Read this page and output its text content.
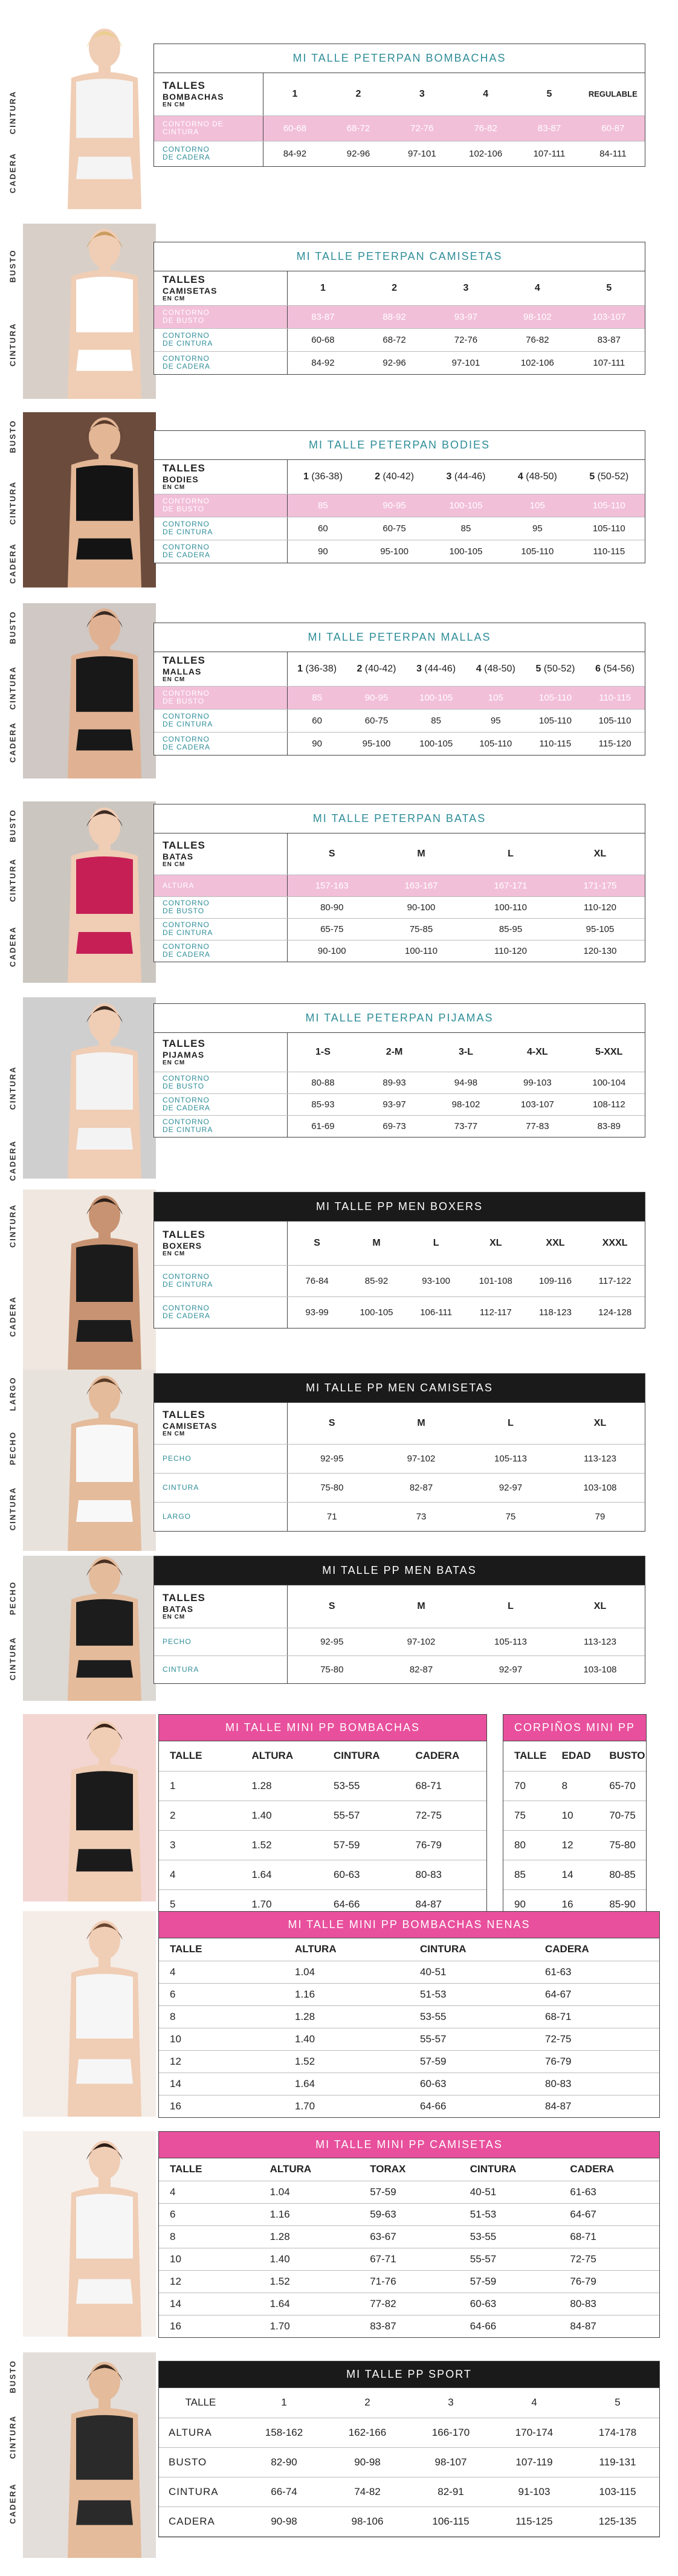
CADERA
CINTURA
MI TALLE PETERPAN BOMBACHAS
TALLES
BOMBACHAS
EN CM	1	2	3	4	5	REGULABLE

CONTORNO DE
CINTURA	60-68	68-72	72-76	76-82	83-87	60-87

CONTORNO
DE CADERA	84-92	92-96	97-101	102-106	107-111	84-111
CINTURA
BUSTO	MI TALLE PETERPAN CAMISETAS
TALLES
CAMISETAS
EN CM	1	2	3	4	5

CONTORNO
DE BUSTO	83-87	88-92	93-97	98-102	103-107

CONTORNO
DE CINTURA	60-68	68-72	72-76	76-82	83-87

CONTORNO
DE CADERA	84-92	92-96	97-101	102-106	107-111
CADERA
CINTURA
BUSTO	MI TALLE PETERPAN BODIES
TALLES
BODIES
EN CM	1 (36-38)	2 (40-42)	3 (44-46)	4 (48-50)	5 (50-52)

CONTORNO
DE BUSTO	85	90-95	100-105	105	105-110

CONTORNO
DE CINTURA	60	60-75	85	95	105-110

CONTORNO
DE CADERA	90	95-100	100-105	105-110	110-115
CADERA
CINTURA
BUSTO	MI TALLE PETERPAN MALLAS
TALLES
MALLAS
EN CM	1 (36-38)	2 (40-42)	3 (44-46)	4 (48-50)	5 (50-52)	6 (54-56)

CONTORNO
DE BUSTO	85	90-95	100-105	105	105-110	110-115

CONTORNO
DE CINTURA	60	60-75	85	95	105-110	105-110

CONTORNO
DE CADERA	90	95-100	100-105	105-110	110-115	115-120
CADERA
CINTURA
BUSTO	MI TALLE PETERPAN BATAS
TALLES
BATAS
EN CM	S	M	L	XL

ALTURA	157-163	163-167	167-171	171-175

CONTORNO
DE BUSTO	80-90	90-100	100-110	110-120

CONTORNO
DE CINTURA	65-75	75-85	85-95	95-105

CONTORNO
DE CADERA	90-100	100-110	110-120	120-130
CADERA
CINTURA
MI TALLE PETERPAN PIJAMAS
TALLES
PIJAMAS
EN CM	1-S	2-M	3-L	4-XL	5-XXL

CONTORNO
DE BUSTO	80-88	89-93	94-98	99-103	100-104

CONTORNO
DE CADERA	85-93	93-97	98-102	103-107	108-112

CONTORNO
DE CINTURA	61-69	69-73	73-77	77-83	83-89
CADERA
CINTURA	MI TALLE PP MEN BOXERS
TALLES
BOXERS
EN CM	S	M	L	XL	XXL	XXXL

CONTORNO
DE CINTURA	76-84	85-92	93-100	101-108	109-116	117-122

CONTORNO
DE CADERA	93-99	100-105	106-111	112-117	118-123	124-128
CINTURA
PECHO
LARGO	MI TALLE PP MEN CAMISETAS
TALLES
CAMISETAS
EN CM	S	M	L	XL

PECHO	92-95	97-102	105-113	113-123

CINTURA	75-80	82-87	92-97	103-108

LARGO	71	73	75	79
CINTURA
PECHO
MI TALLE PP MEN BATAS
TALLES
BATAS
EN CM	S	M	L	XL

PECHO	92-95	97-102	105-113	113-123

CINTURA	75-80	82-87	92-97	103-108
MI TALLE MINI PP BOMBACHAS
TALLE	ALTURA	CINTURA	CADERA
1	1.28	53-55	68-71
2	1.40	55-57	72-75
3	1.52	57-59	76-79
4	1.64	60-63	80-83
5	1.70	64-66	84-87
CORPIÑOS MINI PP
TALLE	EDAD	BUSTO
70	8	65-70
75	10	70-75
80	12	75-80
85	14	80-85
90	16	85-90
MI TALLE MINI PP BOMBACHAS NENAS
TALLE	ALTURA	CINTURA	CADERA
4	1.04	40-51	61-63
6	1.16	51-53	64-67
8	1.28	53-55	68-71
10	1.40	55-57	72-75
12	1.52	57-59	76-79
14	1.64	60-63	80-83
16	1.70	64-66	84-87
MI TALLE MINI PP CAMISETAS
TALLE	ALTURA	TORAX	CINTURA	CADERA
4	1.04	57-59	40-51	61-63
6	1.16	59-63	51-53	64-67
8	1.28	63-67	53-55	68-71
10	1.40	67-71	55-57	72-75
12	1.52	71-76	57-59	76-79
14	1.64	77-82	60-63	80-83
16	1.70	83-87	64-66	84-87
CADERA
CINTURA
BUSTO	MI TALLE PP SPORT
TALLE	1	2	3	4	5
ALTURA	158-162	162-166	166-170	170-174	174-178
BUSTO	82-90	90-98	98-107	107-119	119-131
CINTURA	66-74	74-82	82-91	91-103	103-115
CADERA	90-98	98-106	106-115	115-125	125-135
